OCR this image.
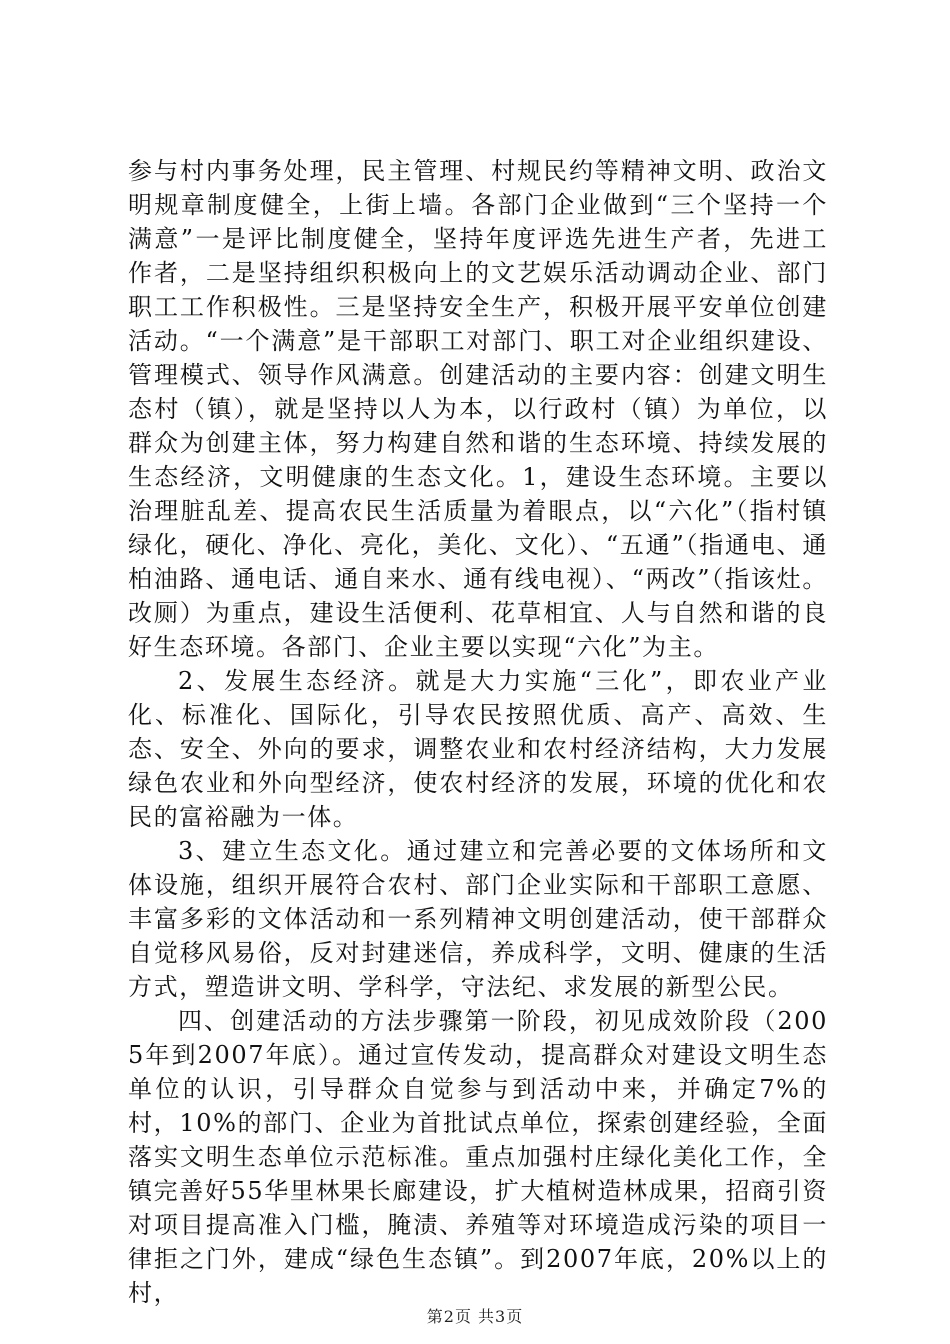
参与村内事务处理，民主管理、村规民约等精神文明、政治文明规章制度健全，上街上墙。各部门企业做到“三个坚持一个满意”一是评比制度健全，坚持年度评选先进生产者，先进工作者，二是坚持组织积极向上的文艺娱乐活动调动企业、部门职工工作积极性。三是坚持安全生产，积极开展平安单位创建活动。“一个满意”是干部职工对部门、职工对企业组织建设、管理模式、领导作风满意。创建活动的主要内容：创建文明生态村（镇），就是坚持以人为本，以行政村（镇）为单位，以群众为创建主体，努力构建自然和谐的生态环境、持续发展的生态经济，文明健康的生态文化。1，建设生态环境。主要以治理脏乱差、提高农民生活质量为着眼点，以“六化”（指村镇绿化，硬化、净化、亮化，美化、文化）、“五通”（指通电、通柏油路、通电话、通自来水、通有线电视）、“两改”（指该灶。改厕）为重点，建设生活便利、花草相宜、人与自然和谐的良好生态环境。各部门、企业主要以实现“六化”为主。

2、发展生态经济。就是大力实施“三化”，即农业产业化、标准化、国际化，引导农民按照优质、高产、高效、生态、安全、外向的要求，调整农业和农村经济结构，大力发展绿色农业和外向型经济，使农村经济的发展，环境的优化和农民的富裕融为一体。

3、建立生态文化。通过建立和完善必要的文体场所和文体设施，组织开展符合农村、部门企业实际和干部职工意愿、丰富多彩的文体活动和一系列精神文明创建活动，使干部群众自觉移风易俗，反对封建迷信，养成科学，文明、健康的生活方式，塑造讲文明、学科学，守法纪、求发展的新型公民。

四、创建活动的方法步骤第一阶段，初见成效阶段（2005年到2007年底）。通过宣传发动，提高群众对建设文明生态单位的认识，引导群众自觉参与到活动中来，并确定7%的村，10%的部门、企业为首批试点单位，探索创建经验，全面落实文明生态单位示范标准。重点加强村庄绿化美化工作，全镇完善好55华里林果长廊建设，扩大植树造林成果，招商引资对项目提高准入门槛，腌渍、养殖等对环境造成污染的项目一律拒之门外，建成“绿色生态镇”。到2007年底，20%以上的村，

第2页 共3页
